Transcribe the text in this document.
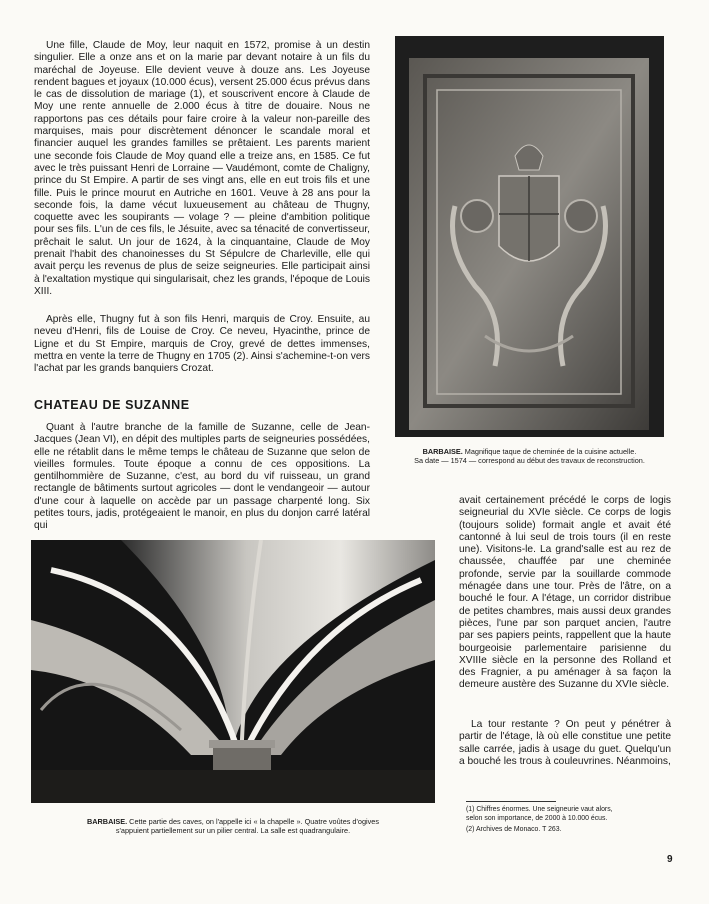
Une fille, Claude de Moy, leur naquit en 1572, promise à un destin singulier. Elle a onze ans et on la marie par devant notaire à un fils du maréchal de Joyeuse. Elle devient veuve à douze ans. Les Joyeuse rendent bagues et joyaux (10.000 écus), versent 25.000 écus prévus dans le cas de dissolution de mariage (1), et souscrivent encore à Claude de Moy une rente annuelle de 2.000 écus à titre de douaire. Nous ne rapportons pas ces détails pour faire croire à la valeur non-pareille des marquises, mais pour discrètement dénoncer le scandale moral et financier auquel les grandes familles se prêtaient. Les parents marient une seconde fois Claude de Moy quand elle a treize ans, en 1585. Ce fut avec le très puissant Henri de Lorraine — Vaudémont, comte de Chaligny, prince du St Empire. A partir de ses vingt ans, elle en eut trois fils et une fille. Puis le prince mourut en Autriche en 1601. Veuve à 28 ans pour la seconde fois, la dame vécut luxueusement au château de Thugny, coquette avec les soupirants — volage ? — pleine d'ambition politique pour ses fils. L'un de ces fils, le Jésuite, avec sa ténacité de convertisseur, prêchait le salut. Un jour de 1624, à la cinquantaine, Claude de Moy prenait l'habit des chanoinesses du St Sépulcre de Charleville, elle qui avait perçu les revenus de plus de seize seigneuries. Elle participait ainsi à l'exaltation mystique qui singularisait, chez les grands, l'époque de Louis XIII.

Après elle, Thugny fut à son fils Henri, marquis de Croy. Ensuite, au neveu d'Henri, fils de Louise de Croy. Ce neveu, Hyacinthe, prince de Ligne et du St Empire, marquis de Croy, grevé de dettes immenses, mettra en vente la terre de Thugny en 1705 (2). Ainsi s'achemine-t-on vers l'achat par les grands banquiers Crozat.

CHATEAU DE SUZANNE

Quant à l'autre branche de la famille de Suzanne, celle de Jean-Jacques (Jean VI), en dépit des multiples parts de seigneuries possédées, elle ne rétablit dans le même temps le château de Suzanne que selon de vieilles formules. Toute époque a connu de ces oppositions. La gentilhommière de Suzanne, c'est, au bord du vif ruisseau, un grand rectangle de bâtiments surtout agricoles — dont le vendangeoir — autour d'une cour à laquelle on accède par un passage charpenté long. Six petites tours, jadis, protégeaient le manoir, en plus du donjon carré latéral qui

avait certainement précédé le corps de logis seigneurial du XVIe siècle. Ce corps de logis (toujours solide) formait angle et avait été cantonné à lui seul de trois tours (il en reste une). Visitons-le. La grand'salle est au rez de chaussée, chauffée par une cheminée profonde, servie par la souillarde commode ménagée dans une tour. Près de l'âtre, on a bouché le four. A l'étage, un corridor distribue de petites chambres, mais aussi deux grandes pièces, l'une par son parquet ancien, l'autre par ses papiers peints, rappellent que la haute bourgeoisie parlementaire parisienne du XVIIIe siècle en la personne des Rolland et des Fragnier, a pu aménager à sa façon la demeure austère des Suzanne du XVIe siècle.

La tour restante ? On peut y pénétrer à partir de l'étage, là où elle constitue une petite salle carrée, jadis à usage du guet. Quelqu'un a bouché les trous à couleuvrines. Néanmoins,

BARBAISE. Magnifique taque de cheminée de la cuisine actuelle.
Sa date — 1574 — correspond au début des travaux de reconstruction.

BARBAISE. Cette partie des caves, on l'appelle ici « la chapelle ». Quatre voûtes d'ogives
s'appuient partiellement sur un pilier central. La salle est quadrangulaire.

(1) Chiffres énormes. Une seigneurie vaut alors,
selon son importance, de 2000 à 10.000 écus.

(2) Archives de Monaco. T 263.

9
